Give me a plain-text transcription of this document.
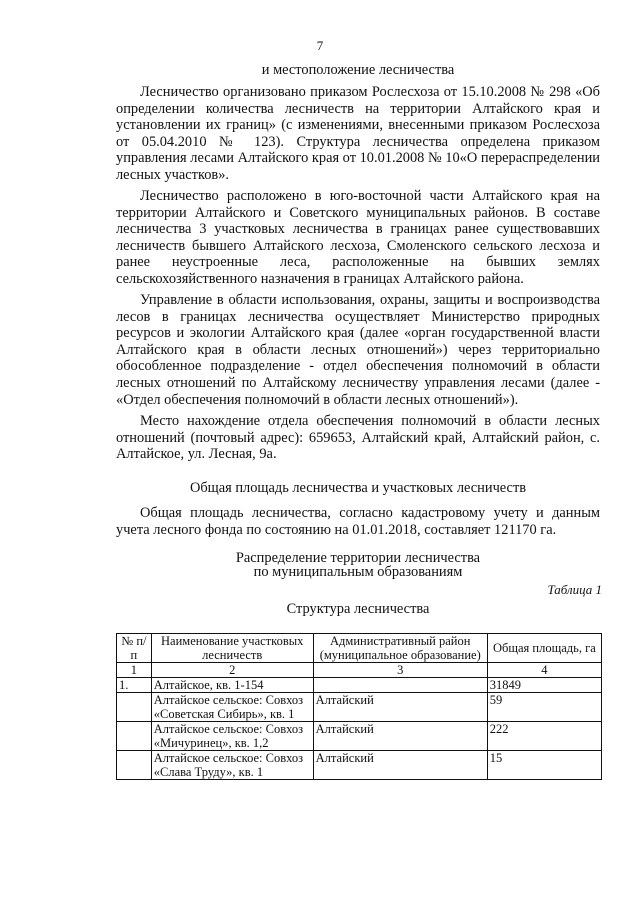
7
и местоположение лесничества

Лесничество организовано приказом Рослесхоза от 15.10.2008 № 298 «Об определении количества лесничеств на территории Алтайского края и установлении их границ» (с изменениями, внесенными приказом Рослесхоза от 05.04.2010 № 123). Структура лесничества определена приказом управления лесами Алтайского края от 10.01.2008 № 10«О перераспределении лесных участков».

Лесничество расположено в юго-восточной части Алтайского края на территории Алтайского и Советского муниципальных районов. В составе лесничества 3 участковых лесничества в границах ранее существовавших лесничеств бывшего Алтайского лесхоза, Смоленского сельского лесхоза и ранее неустроенные леса, расположенные на бывших землях сельскохозяйственного назначения в границах Алтайского района.

Управление в области использования, охраны, защиты и воспроизводства лесов в границах лесничества осуществляет Министерство природных ресурсов и экологии Алтайского края (далее «орган государственной власти Алтайского края в области лесных отношений») через территориально обособленное подразделение - отдел обеспечения полномочий в области лесных отношений по Алтайскому лесничеству управления лесами (далее - «Отдел обеспечения полномочий в области лесных отношений»).

Место нахождение отдела обеспечения полномочий в области лесных отношений (почтовый адрес): 659653, Алтайский край, Алтайский район, с. Алтайское, ул. Лесная, 9а.

Общая площадь лесничества и участковых лесничеств

Общая площадь лесничества, согласно кадастровому учету и данным учета лесного фонда по состоянию на 01.01.2018, составляет 121170 га.

Распределение территории лесничества
по муниципальным образованиям
Таблица 1
Структура лесничества
№ п/п	Наименование участковых лесничеств	Административный район (муниципальное образование)	Общая площадь, га
1	2	3	4
1.	Алтайское, кв. 1-154		31849
	Алтайское сельское: Совхоз «Советская Сибирь», кв. 1	Алтайский	59
	Алтайское сельское: Совхоз «Мичуринец», кв. 1,2	Алтайский	222
	Алтайское сельское: Совхоз «Слава Труду», кв. 1	Алтайский	15
